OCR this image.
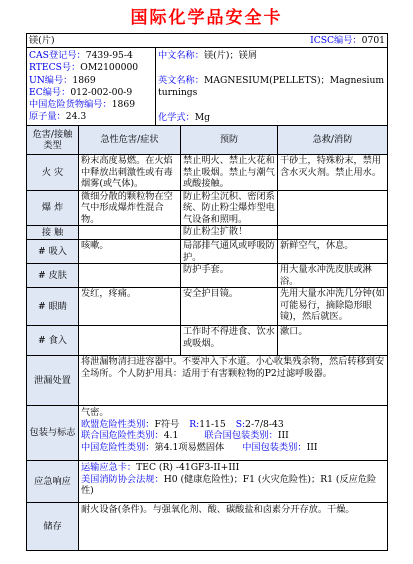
国际化学品安全卡
镁(片)	ICSC编号：0701

CAS登记号：7439-95-4
RTECS号：OM2100000
UN编号：1869
EC编号：012-002-00-9
中国危险货物编号：1869
原子量：24.3

中文名称：镁(片)；镁屑
英文名称：MAGNESIUM(PELLETS)；Magnesium turnings
化学式：Mg
危害/接触类型	急性危害/症状	预防	急救/消防
火 灾	粉末高度易燃。在火焰中释放出刺激性或有毒烟雾(或气体)。	禁止明火、禁止火花和禁止吸烟。禁止与潮气或酸接触。	干砂土，特殊粉末，禁用含水灭火剂。禁止用水。
爆 炸	微细分散的颗粒物在空气中形成爆炸性混合物。	防止粉尘沉积、密闭系统、防止粉尘爆炸型电气设备和照明。	
接 触		防止粉尘扩散！	
# 吸入	咳嗽。	局部排气通风或呼吸防护。	新鲜空气，休息。
# 皮肤		防护手套。	用大量水冲洗皮肤或淋浴。
# 眼睛	发红，疼痛。	安全护目镜。	先用大量水冲洗几分钟(如可能易行，摘除隐形眼镜)，然后就医。
# 食入		工作时不得进食、饮水或吸烟。	漱口。
泄漏处置	将泄漏物清扫进容器中。不要冲入下水道。小心收集残余物，然后转移到安全场所。个人防护用具：适用于有害颗粒物的P2过滤呼吸器。
包装与标志	气密。
欧盟危险性类别：F符号 R:11-15 S:2-7/8-43
联合国危险性类别：4.1 联合国包装类别：III
中国危险性类别：第4.1项易燃固体 中国包装类别：III

应急响应	运输应急卡：TEC (R) -41GF3-II+III
美国消防协会法规：H0 (健康危险性)；F1 (火灾危险性)；R1 (反应危险性)

储存	耐火设备(条件)。与强氧化剂、酸、碳酸盐和卤素分开存放。干燥。
